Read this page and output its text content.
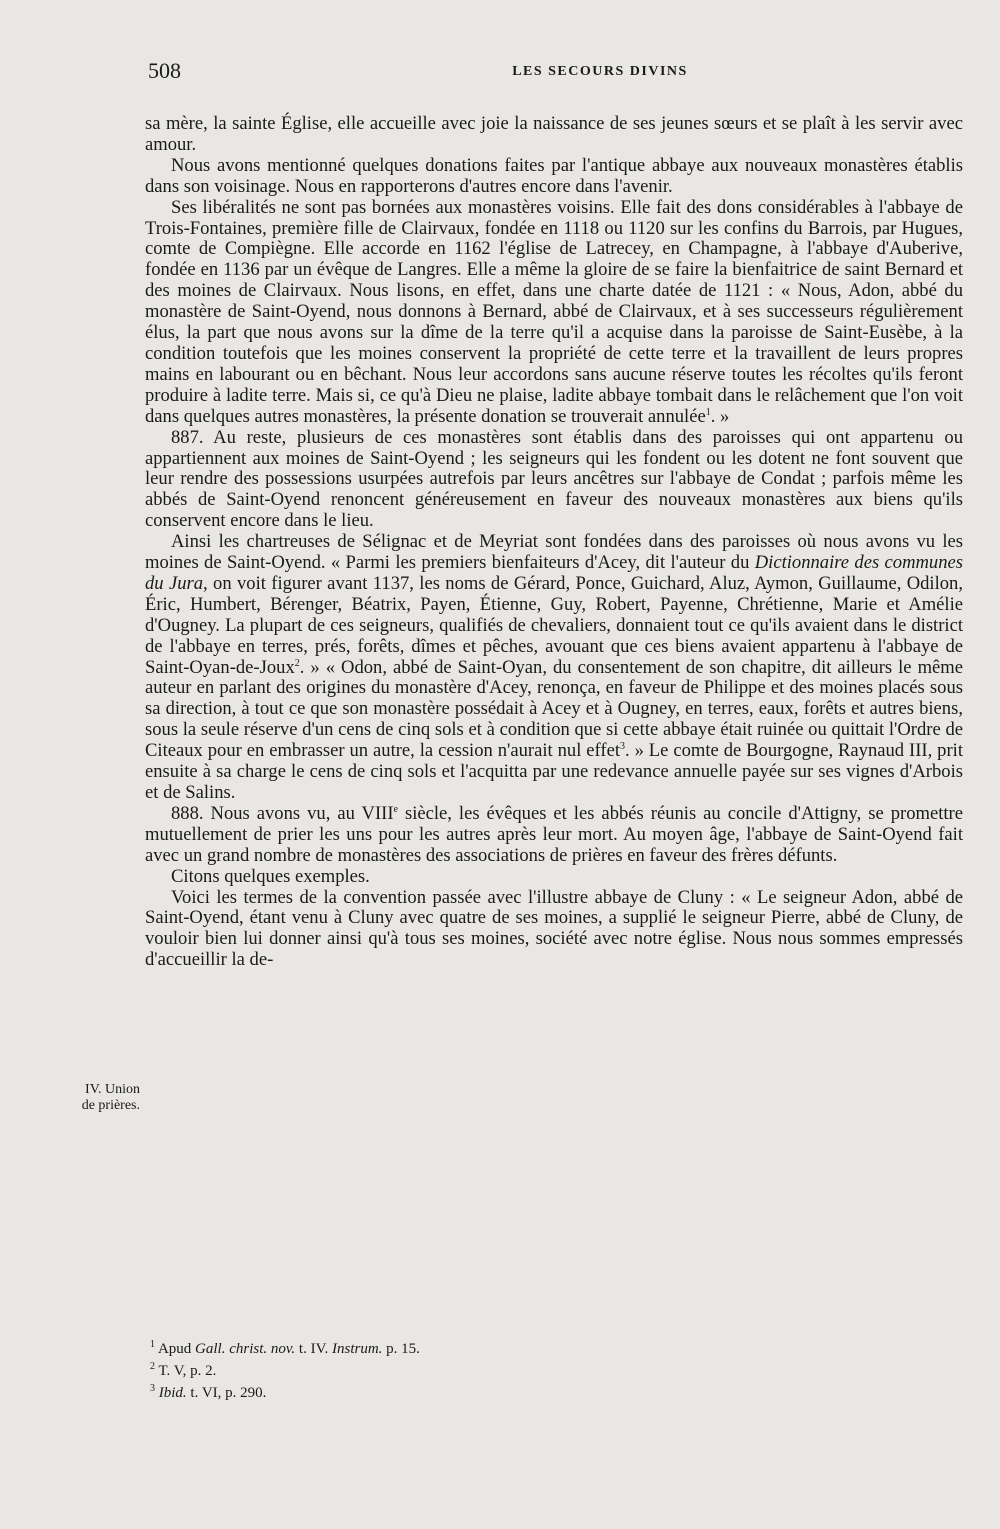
508	LES SECOURS DIVINS
IV. Union
de prières.

sa mère, la sainte Église, elle accueille avec joie la naissance de ses jeunes sœurs et se plaît à les servir avec amour.

Nous avons mentionné quelques donations faites par l'antique abbaye aux nouveaux monastères établis dans son voisinage. Nous en rapporterons d'autres encore dans l'avenir.

Ses libéralités ne sont pas bornées aux monastères voisins. Elle fait des dons considérables à l'abbaye de Trois-Fontaines, première fille de Clairvaux, fondée en 1118 ou 1120 sur les confins du Barrois, par Hugues, comte de Compiègne. Elle accorde en 1162 l'église de Latrecey, en Champagne, à l'abbaye d'Auberive, fondée en 1136 par un évêque de Langres. Elle a même la gloire de se faire la bienfaitrice de saint Bernard et des moines de Clairvaux. Nous lisons, en effet, dans une charte datée de 1121 : « Nous, Adon, abbé du monastère de Saint-Oyend, nous donnons à Bernard, abbé de Clairvaux, et à ses successeurs régulièrement élus, la part que nous avons sur la dîme de la terre qu'il a acquise dans la paroisse de Saint-Eusèbe, à la condition toutefois que les moines conservent la propriété de cette terre et la travaillent de leurs propres mains en labourant ou en bêchant. Nous leur accordons sans aucune réserve toutes les récoltes qu'ils feront produire à ladite terre. Mais si, ce qu'à Dieu ne plaise, ladite abbaye tombait dans le relâchement que l'on voit dans quelques autres monastères, la présente donation se trouverait annulée$^1$. »

887. Au reste, plusieurs de ces monastères sont établis dans des paroisses qui ont appartenu ou appartiennent aux moines de Saint-Oyend ; les seigneurs qui les fondent ou les dotent ne font souvent que leur rendre des possessions usurpées autrefois par leurs ancêtres sur l'abbaye de Condat ; parfois même les abbés de Saint-Oyend renoncent généreusement en faveur des nouveaux monastères aux biens qu'ils conservent encore dans le lieu.

Ainsi les chartreuses de Sélignac et de Meyriat sont fondées dans des paroisses où nous avons vu les moines de Saint-Oyend. « Parmi les premiers bienfaiteurs d'Acey, dit l'auteur du Dictionnaire des communes du Jura, on voit figurer avant 1137, les noms de Gérard, Ponce, Guichard, Aluz, Aymon, Guillaume, Odilon, Éric, Humbert, Bérenger, Béatrix, Payen, Étienne, Guy, Robert, Payenne, Chrétienne, Marie et Amélie d'Ougney. La plupart de ces seigneurs, qualifiés de chevaliers, donnaient tout ce qu'ils avaient dans le district de l'abbaye en terres, prés, forêts, dîmes et pêches, avouant que ces biens avaient appartenu à l'abbaye de Saint-Oyan-de-Joux$^2$. » « Odon, abbé de Saint-Oyan, du consentement de son chapitre, dit ailleurs le même auteur en parlant des origines du monastère d'Acey, renonça, en faveur de Philippe et des moines placés sous sa direction, à tout ce que son monastère possédait à Acey et à Ougney, en terres, eaux, forêts et autres biens, sous la seule réserve d'un cens de cinq sols et à condition que si cette abbaye était ruinée ou quittait l'Ordre de Citeaux pour en embrasser un autre, la cession n'aurait nul effet$^3$. » Le comte de Bourgogne, Raynaud III, prit ensuite à sa charge le cens de cinq sols et l'acquitta par une redevance annuelle payée sur ses vignes d'Arbois et de Salins.

888. Nous avons vu, au VIIIe siècle, les évêques et les abbés réunis au concile d'Attigny, se promettre mutuellement de prier les uns pour les autres après leur mort. Au moyen âge, l'abbaye de Saint-Oyend fait avec un grand nombre de monastères des associations de prières en faveur des frères défunts.

Citons quelques exemples.

Voici les termes de la convention passée avec l'illustre abbaye de Cluny : « Le seigneur Adon, abbé de Saint-Oyend, étant venu à Cluny avec quatre de ses moines, a supplié le seigneur Pierre, abbé de Cluny, de vouloir bien lui donner ainsi qu'à tous ses moines, société avec notre église. Nous nous sommes empressés d'accueillir la de-

$^1$ Apud Gall. christ. nov. t. IV. Instrum. p. 15.

$^2$ T. V, p. 2.

$^3$ Ibid. t. VI, p. 290.
